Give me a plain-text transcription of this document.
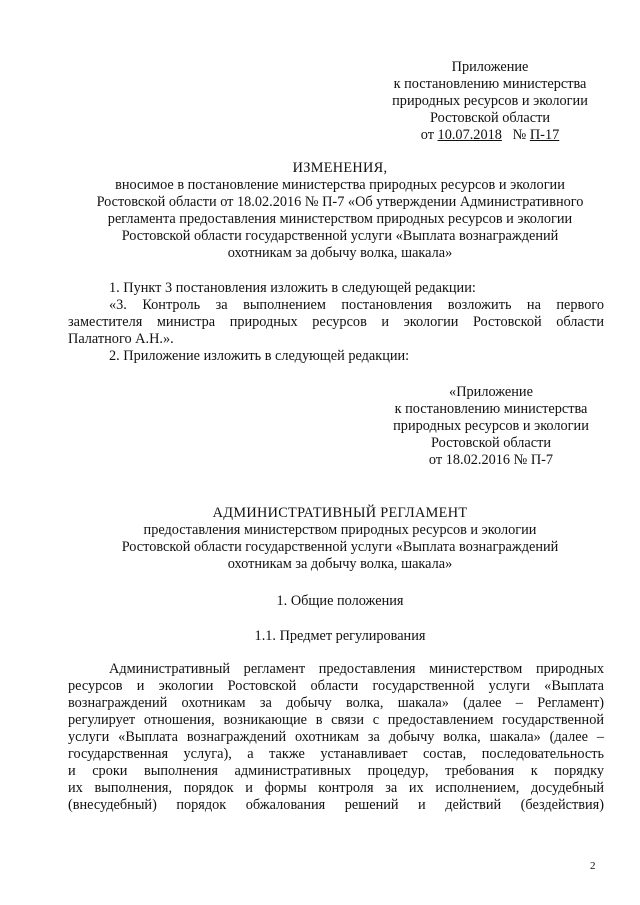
Приложение
к постановлению министерства
природных ресурсов и экологии
Ростовской области
от 10.07.2018 № П-17
ИЗМЕНЕНИЯ,
вносимое в постановление министерства природных ресурсов и экологии
Ростовской области от 18.02.2016 № П-7 «Об утверждении Административного
регламента предоставления министерством природных ресурсов и экологии
Ростовской области государственной услуги «Выплата вознаграждений
охотникам за добычу волка, шакала»
1. Пункт 3 постановления изложить в следующей редакции:
«3. Контроль за выполнением постановления возложить на первого
заместителя министра природных ресурсов и экологии Ростовской области
Палатного А.Н.».
2. Приложение изложить в следующей редакции:
«Приложение
к постановлению министерства
природных ресурсов и экологии
Ростовской области
от 18.02.2016 № П-7
АДМИНИСТРАТИВНЫЙ РЕГЛАМЕНТ
предоставления министерством природных ресурсов и экологии
Ростовской области государственной услуги «Выплата вознаграждений
охотникам за добычу волка, шакала»
1. Общие положения
1.1. Предмет регулирования
Административный регламент предоставления министерством природных
ресурсов и экологии Ростовской области государственной услуги «Выплата
вознаграждений охотникам за добычу волка, шакала» (далее – Регламент)
регулирует отношения, возникающие в связи с предоставлением государственной
услуги «Выплата вознаграждений охотникам за добычу волка, шакала» (далее –
государственная услуга), а также устанавливает состав, последовательность
и сроки выполнения административных процедур, требования к порядку
их выполнения, порядок и формы контроля за их исполнением, досудебный
(внесудебный) порядок обжалования решений и действий (бездействия)
2
